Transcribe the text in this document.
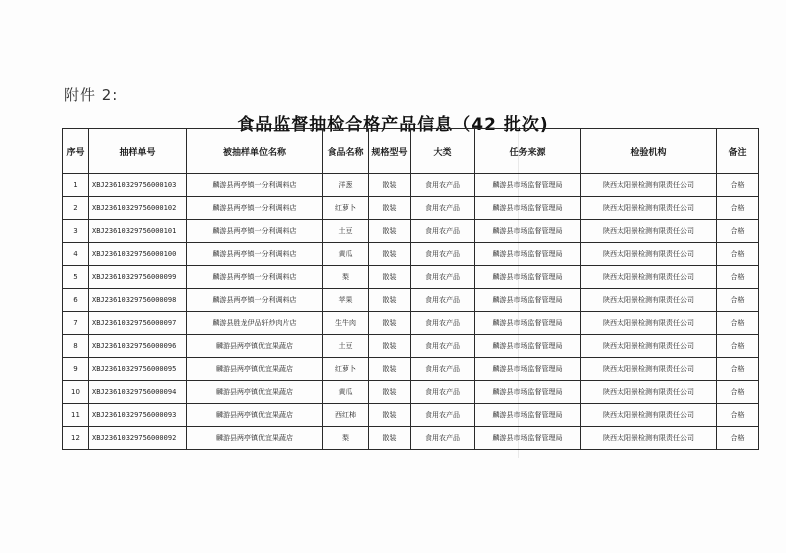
附件 2:
食品监督抽检合格产品信息（42 批次)
序号	抽样单号	被抽样单位名称	食品名称	规格型号	大类	任务来源	检验机构	备注
1	XBJ23610329756000103	麟游县两亭镇一分利调料店	洋葱	散装	食用农产品	麟游县市场监督管理局	陕西太阳景检测有限责任公司	合格
2	XBJ23610329756000102	麟游县两亭镇一分利调料店	红萝卜	散装	食用农产品	麟游县市场监督管理局	陕西太阳景检测有限责任公司	合格
3	XBJ23610329756000101	麟游县两亭镇一分利调料店	土豆	散装	食用农产品	麟游县市场监督管理局	陕西太阳景检测有限责任公司	合格
4	XBJ23610329756000100	麟游县两亭镇一分利调料店	黄瓜	散装	食用农产品	麟游县市场监督管理局	陕西太阳景检测有限责任公司	合格
5	XBJ23610329756000099	麟游县两亭镇一分利调料店	梨	散装	食用农产品	麟游县市场监督管理局	陕西太阳景检测有限责任公司	合格
6	XBJ23610329756000098	麟游县两亭镇一分利调料店	苹果	散装	食用农产品	麟游县市场监督管理局	陕西太阳景检测有限责任公司	合格
7	XBJ23610329756000097	麟游县胜龙伊品轩炒肉片店	生牛肉	散装	食用农产品	麟游县市场监督管理局	陕西太阳景检测有限责任公司	合格
8	XBJ23610329756000096	麟游县两亭镇优宜果蔬店	土豆	散装	食用农产品	麟游县市场监督管理局	陕西太阳景检测有限责任公司	合格
9	XBJ23610329756000095	麟游县两亭镇优宜果蔬店	红萝卜	散装	食用农产品	麟游县市场监督管理局	陕西太阳景检测有限责任公司	合格
10	XBJ23610329756000094	麟游县两亭镇优宜果蔬店	黄瓜	散装	食用农产品	麟游县市场监督管理局	陕西太阳景检测有限责任公司	合格
11	XBJ23610329756000093	麟游县两亭镇优宜果蔬店	西红柿	散装	食用农产品	麟游县市场监督管理局	陕西太阳景检测有限责任公司	合格
12	XBJ23610329756000092	麟游县两亭镇优宜果蔬店	梨	散装	食用农产品	麟游县市场监督管理局	陕西太阳景检测有限责任公司	合格
